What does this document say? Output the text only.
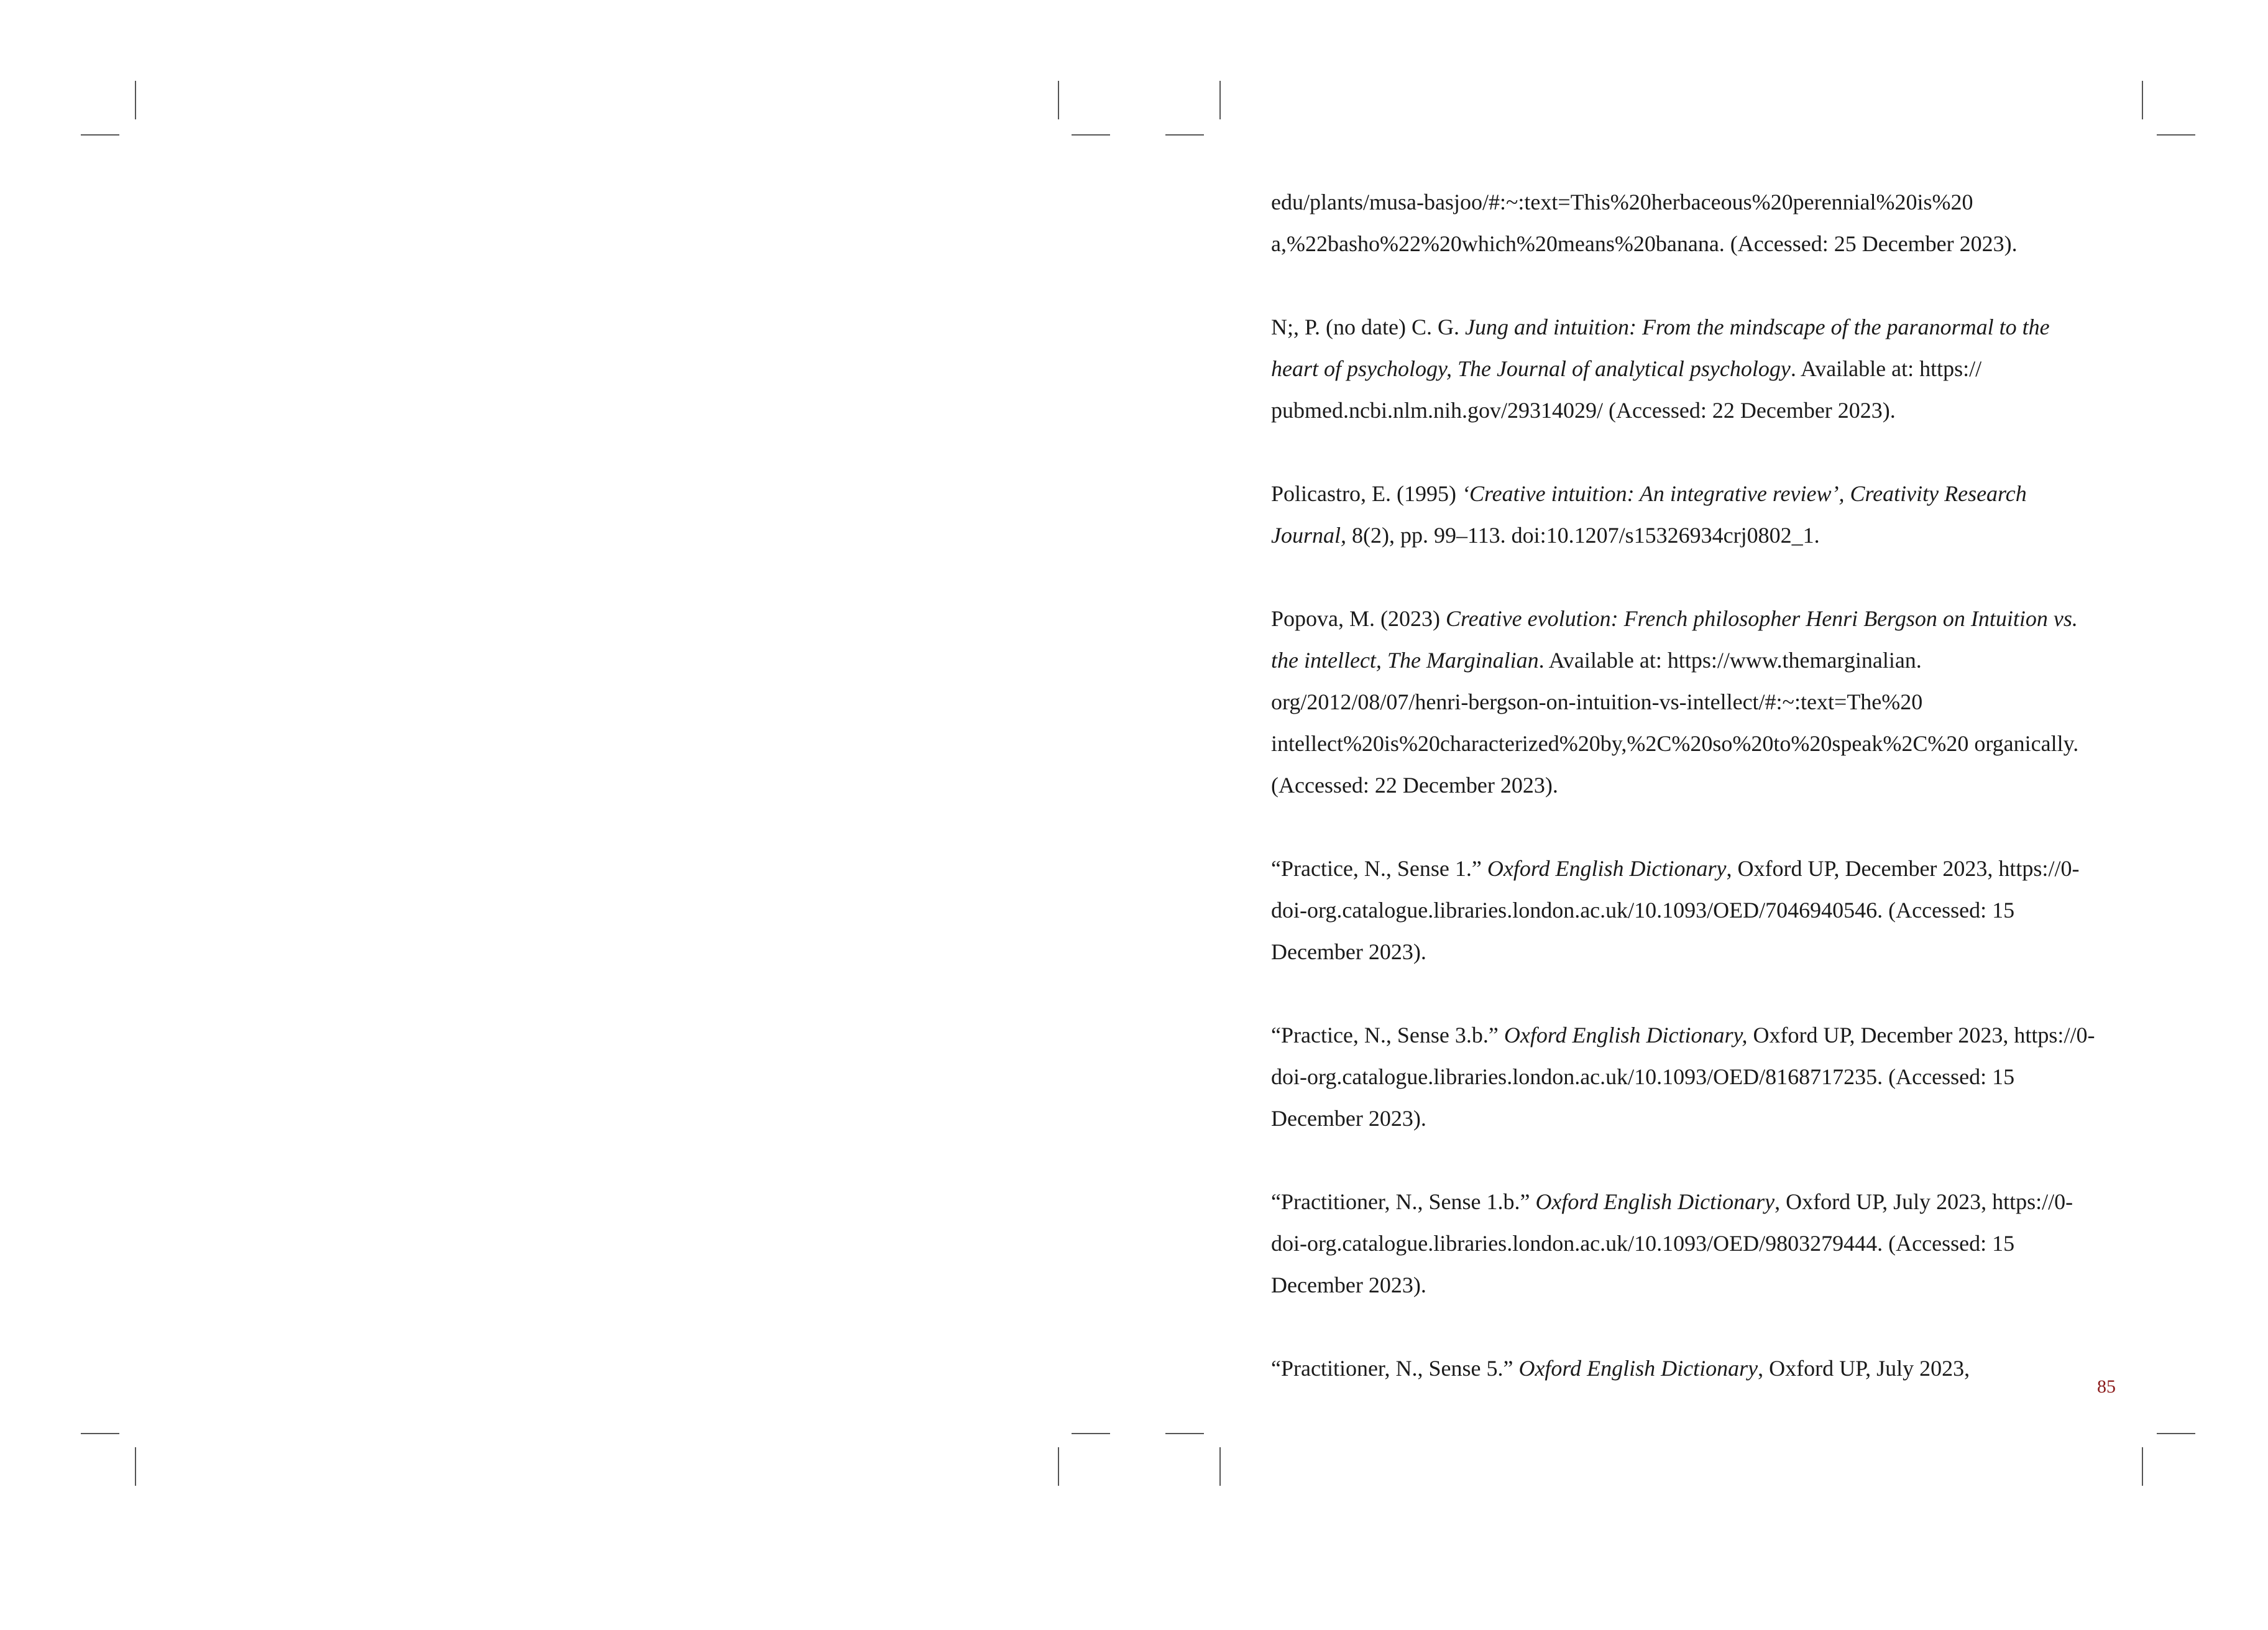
edu/plants/musa-basjoo/#:~:text=This%20herbaceous%20perennial%20is%20 a,%22basho%22%20which%20means%20banana. (Accessed: 25 December 2023).

N;, P. (no date) C. G. Jung and intuition: From the mindscape of the paranormal to the heart of psychology, The Journal of analytical psychology. Available at: https:// pubmed.ncbi.nlm.nih.gov/29314029/ (Accessed: 22 December 2023).

Policastro, E. (1995) ‘Creative intuition: An integrative review’, Creativity Research Journal, 8(2), pp. 99–113. doi:10.1207/s15326934crj0802_1.

Popova, M. (2023) Creative evolution: French philosopher Henri Bergson on Intuition vs. the intellect, The Marginalian. Available at: https://www.themarginalian. org/2012/08/07/henri-bergson-on-intuition-vs-intellect/#:~:text=The%20 intellect%20is%20characterized%20by,%2C%20so%20to%20speak%2C%20 organically. (Accessed: 22 December 2023).

“Practice, N., Sense 1.” Oxford English Dictionary, Oxford UP, December 2023, https://0-doi-org.catalogue.libraries.london.ac.uk/10.1093/OED/7046940546. (Accessed: 15 December 2023).

“Practice, N., Sense 3.b.” Oxford English Dictionary, Oxford UP, December 2023, https://0-doi-org.catalogue.libraries.london.ac.uk/10.1093/OED/8168717235. (Accessed: 15 December 2023).

“Practitioner, N., Sense 1.b.” Oxford English Dictionary, Oxford UP, July 2023, https://0-doi-org.catalogue.libraries.london.ac.uk/10.1093/OED/9803279444. (Accessed: 15 December 2023).

“Practitioner, N., Sense 5.” Oxford English Dictionary, Oxford UP, July 2023,

85
